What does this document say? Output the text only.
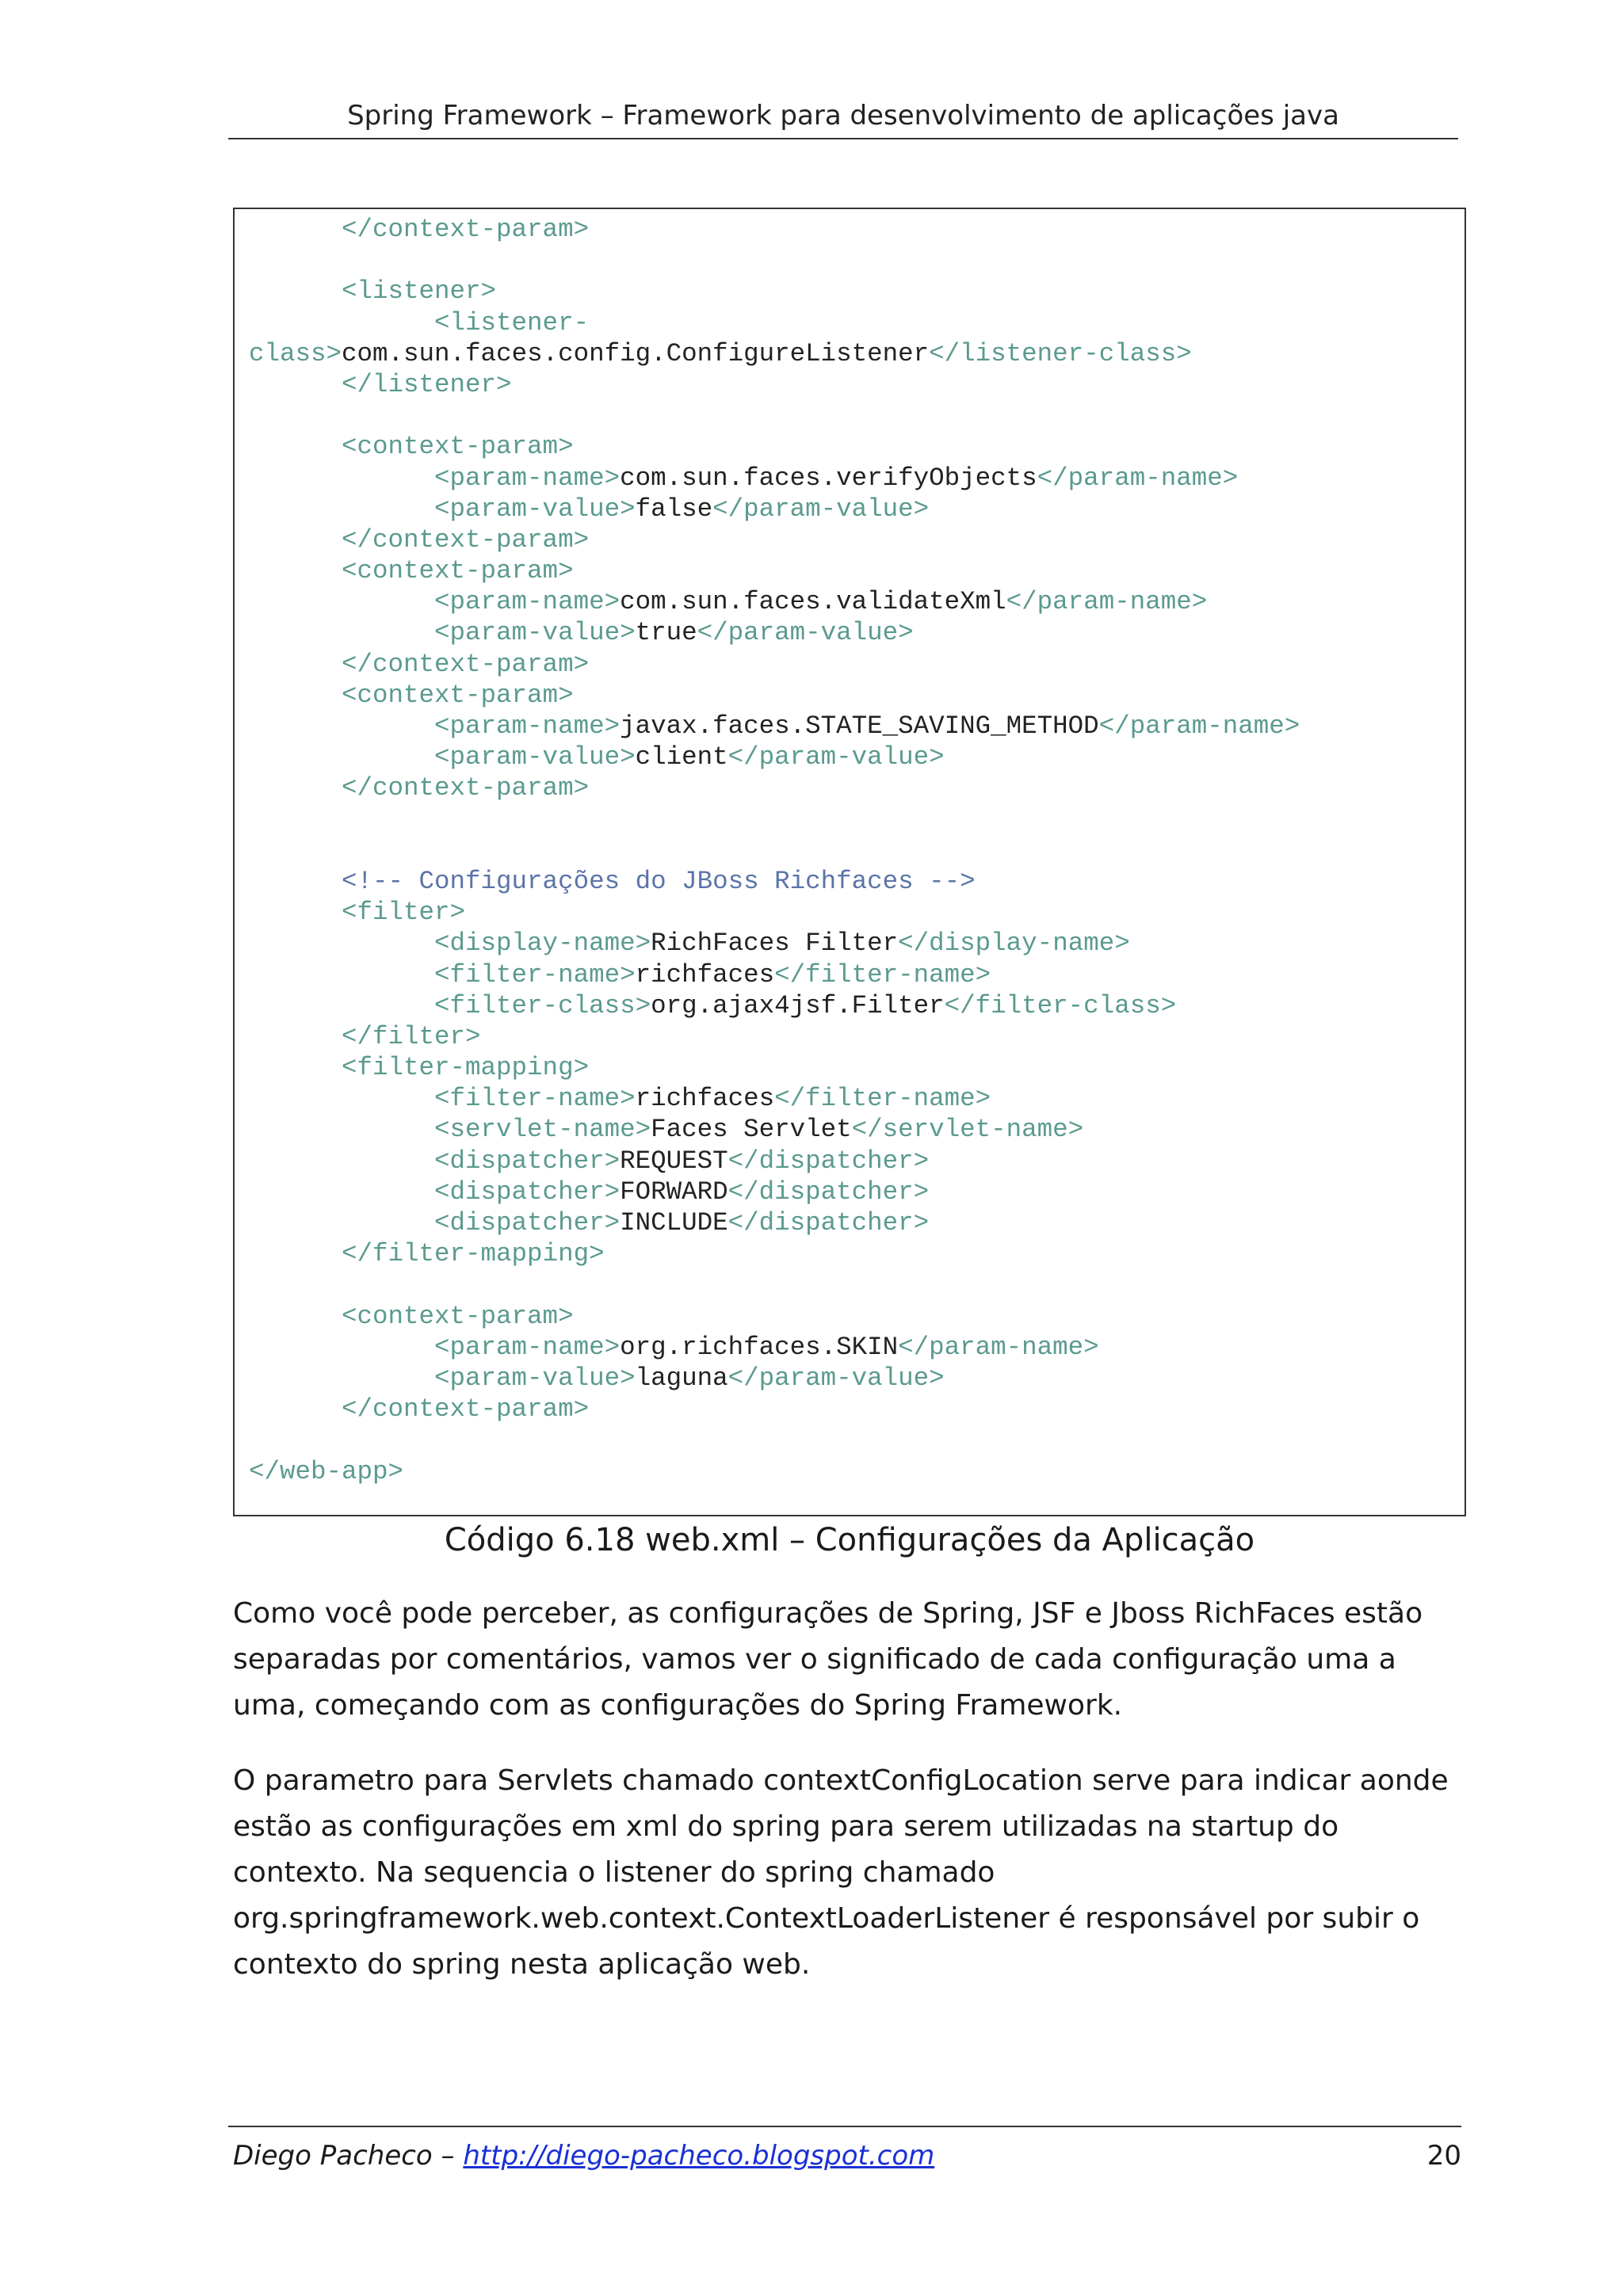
Spring Framework – Framework para desenvolvimento de aplicações java
</context-param>
<listener>
<listener-
class>com.sun.faces.config.ConfigureListener</listener-class>
</listener>
<context-param>
<param-name>com.sun.faces.verifyObjects</param-name>
<param-value>false</param-value>
</context-param>
<context-param>
<param-name>com.sun.faces.validateXml</param-name>
<param-value>true</param-value>
</context-param>
<context-param>
<param-name>javax.faces.STATE_SAVING_METHOD</param-name>
<param-value>client</param-value>
</context-param>
<!-- Configurações do JBoss Richfaces -->
<filter>
<display-name>RichFaces Filter</display-name>
<filter-name>richfaces</filter-name>
<filter-class>org.ajax4jsf.Filter</filter-class>
</filter>
<filter-mapping>
<filter-name>richfaces</filter-name>
<servlet-name>Faces Servlet</servlet-name>
<dispatcher>REQUEST</dispatcher>
<dispatcher>FORWARD</dispatcher>
<dispatcher>INCLUDE</dispatcher>
</filter-mapping>
<context-param>
<param-name>org.richfaces.SKIN</param-name>
<param-value>laguna</param-value>
</context-param>
</web-app>
Código 6.18 web.xml – Configurações da Aplicação
Como você pode perceber, as configurações de Spring, JSF e Jboss RichFaces estão separadas por comentários, vamos ver o significado de cada configuração uma a uma, começando com as configurações do Spring Framework.
O parametro para Servlets chamado contextConfigLocation serve para indicar aonde estão as configurações em xml do spring para serem utilizadas na startup do contexto. Na sequencia o listener do spring chamado org.springframework.web.context.ContextLoaderListener é responsável por subir o contexto do spring nesta aplicação web.
Diego Pacheco – http://diego-pacheco.blogspot.com	20
